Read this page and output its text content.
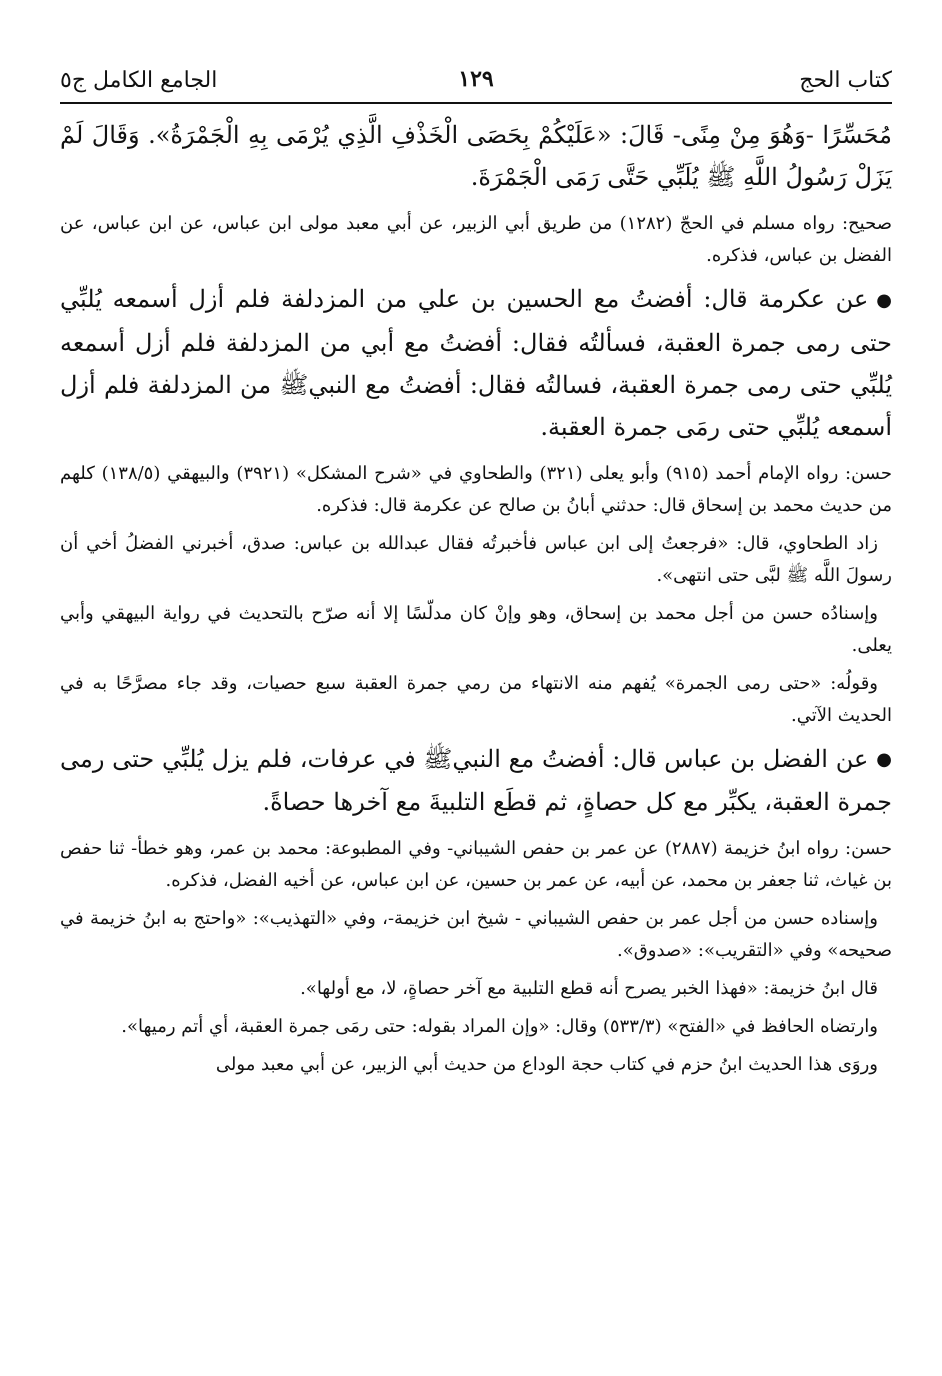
كتاب الحج
١٢٩
الجامع الكامل ج٥

مُحَسِّرًا -وَهُوَ مِنْ مِنًى- قَالَ: «عَلَيْكُمْ بِحَصَى الْخَذْفِ الَّذِي يُرْمَى بِهِ الْجَمْرَةُ». وَقَالَ لَمْ يَزَلْ رَسُولُ اللَّهِ ﷺ يُلَبِّي حَتَّى رَمَى الْجَمْرَةَ.

صحيح: رواه مسلم في الحجّ (١٢٨٢) من طريق أبي الزبير، عن أبي معبد مولى ابن عباس، عن ابن عباس، عن الفضل بن عباس، فذكره.

●عن عكرمة قال: أفضتُ مع الحسين بن علي من المزدلفة فلم أزل أسمعه يُلبِّي حتى رمى جمرة العقبة، فسألتُه فقال: أفضتُ مع أبي من المزدلفة فلم أزل أسمعه يُلبِّي حتى رمى جمرة العقبة، فسالتُه فقال: أفضتُ مع النبيﷺ من المزدلفة فلم أزل أسمعه يُلبِّي حتى رمَى جمرة العقبة.

حسن: رواه الإمام أحمد (٩١٥) وأبو يعلى (٣٢١) والطحاوي في «شرح المشكل» (٣٩٢١) والبيهقي (١٣٨/٥) كلهم من حديث محمد بن إسحاق قال: حدثني أبانُ بن صالح عن عكرمة قال: فذكره.

زاد الطحاوي، قال: «فرجعتُ إلى ابن عباس فأخبرتُه فقال عبدالله بن عباس: صدق، أخبرني الفضلُ أخي أن رسولَ اللَّه ﷺ لبَّى حتى انتهى».

وإسنادُه حسن من أجل محمد بن إسحاق، وهو وإنْ كان مدلّسًا إلا أنه صرّح بالتحديث في رواية البيهقي وأبي يعلى.

وقولُه: «حتى رمى الجمرة» يُفهم منه الانتهاء من رمي جمرة العقبة سبع حصيات، وقد جاء مصرَّحًا به في الحديث الآتي.

●عن الفضل بن عباس قال: أفضتُ مع النبيﷺ في عرفات، فلم يزل يُلبِّي حتى رمى جمرة العقبة، يكبِّر مع كل حصاةٍ، ثم قطَع التلبيةَ مع آخرها حصاةً.

حسن: رواه ابنُ خزيمة (٢٨٨٧) عن عمر بن حفص الشيباني- وفي المطبوعة: محمد بن عمر، وهو خطأ- ثنا حفص بن غياث، ثنا جعفر بن محمد، عن أبيه، عن عمر بن حسين، عن ابن عباس، عن أخيه الفضل، فذكره.

وإسناده حسن من أجل عمر بن حفص الشيباني - شيخ ابن خزيمة-، وفي «التهذيب»: «واحتج به ابنُ خزيمة في صحيحه» وفي «التقريب»: «صدوق».

قال ابنُ خزيمة: «فهذا الخبر يصرح أنه قطع التلبية مع آخر حصاةٍ، لا، مع أولها».

وارتضاه الحافظ في «الفتح» (٥٣٣/٣) وقال: «وإن المراد بقوله: حتى رمَى جمرة العقبة، أي أتم رميها».

وروَى هذا الحديث ابنُ حزم في كتاب حجة الوداع من حديث أبي الزبير، عن أبي معبد مولى
